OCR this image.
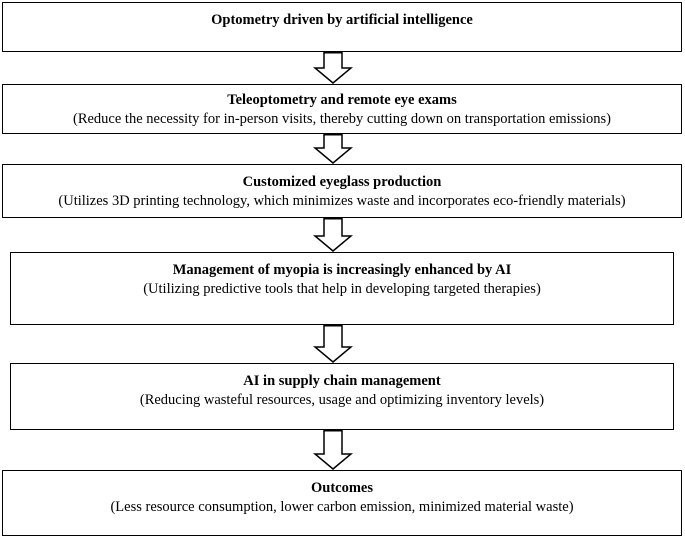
Optometry driven by artificial intelligence
Teleoptometry and remote eye exams
(Reduce the necessity for in-person visits, thereby cutting down on transportation emissions)
Customized eyeglass production
(Utilizes 3D printing technology, which minimizes waste and incorporates eco-friendly materials)
Management of myopia is increasingly enhanced by AI
(Utilizing predictive tools that help in developing targeted therapies)
AI in supply chain management
(Reducing wasteful resources, usage and optimizing inventory levels)
Outcomes
(Less resource consumption, lower carbon emission, minimized material waste)
